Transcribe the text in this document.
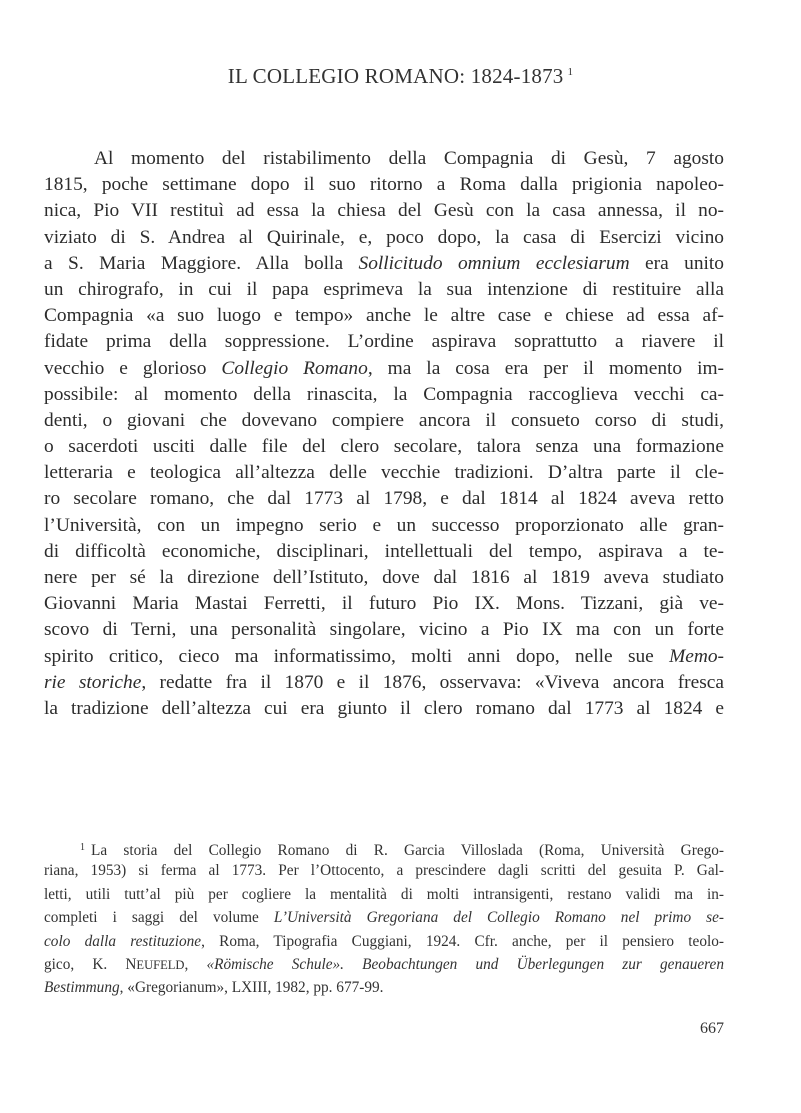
IL COLLEGIO ROMANO: 1824-1873 $^1$
Al momento del ristabilimento della Compagnia di Gesù, 7 agosto
1815, poche settimane dopo il suo ritorno a Roma dalla prigionia napoleo-
nica, Pio VII restituì ad essa la chiesa del Gesù con la casa annessa, il no-
viziato di S. Andrea al Quirinale, e, poco dopo, la casa di Esercizi vicino
a S. Maria Maggiore. Alla bolla Sollicitudo omnium ecclesiarum era unito
un chirografo, in cui il papa esprimeva la sua intenzione di restituire alla
Compagnia «a suo luogo e tempo» anche le altre case e chiese ad essa af-
fidate prima della soppressione. L’ordine aspirava soprattutto a riavere il
vecchio e glorioso Collegio Romano, ma la cosa era per il momento im-
possibile: al momento della rinascita, la Compagnia raccoglieva vecchi ca-
denti, o giovani che dovevano compiere ancora il consueto corso di studi,
o sacerdoti usciti dalle file del clero secolare, talora senza una formazione
letteraria e teologica all’altezza delle vecchie tradizioni. D’altra parte il cle-
ro secolare romano, che dal 1773 al 1798, e dal 1814 al 1824 aveva retto
l’Università, con un impegno serio e un successo proporzionato alle gran-
di difficoltà economiche, disciplinari, intellettuali del tempo, aspirava a te-
nere per sé la direzione dell’Istituto, dove dal 1816 al 1819 aveva studiato
Giovanni Maria Mastai Ferretti, il futuro Pio IX. Mons. Tizzani, già ve-
scovo di Terni, una personalità singolare, vicino a Pio IX ma con un forte
spirito critico, cieco ma informatissimo, molti anni dopo, nelle sue Memo-
rie storiche, redatte fra il 1870 e il 1876, osservava: «Viveva ancora fresca
la tradizione dell’altezza cui era giunto il clero romano dal 1773 al 1824 e
$^1$ La storia del Collegio Romano di R. Garcia Villoslada (Roma, Università Grego-
riana, 1953) si ferma al 1773. Per l’Ottocento, a prescindere dagli scritti del gesuita P. Gal-
letti, utili tutt’al più per cogliere la mentalità di molti intransigenti, restano validi ma in-
completi i saggi del volume L’Università Gregoriana del Collegio Romano nel primo se-
colo dalla restituzione, Roma, Tipografia Cuggiani, 1924. Cfr. anche, per il pensiero teolo-
gico, K. NEUFELD, «Römische Schule». Beobachtungen und Überlegungen zur genaueren
Bestimmung, «Gregorianum», LXIII, 1982, pp. 677-99.
667
